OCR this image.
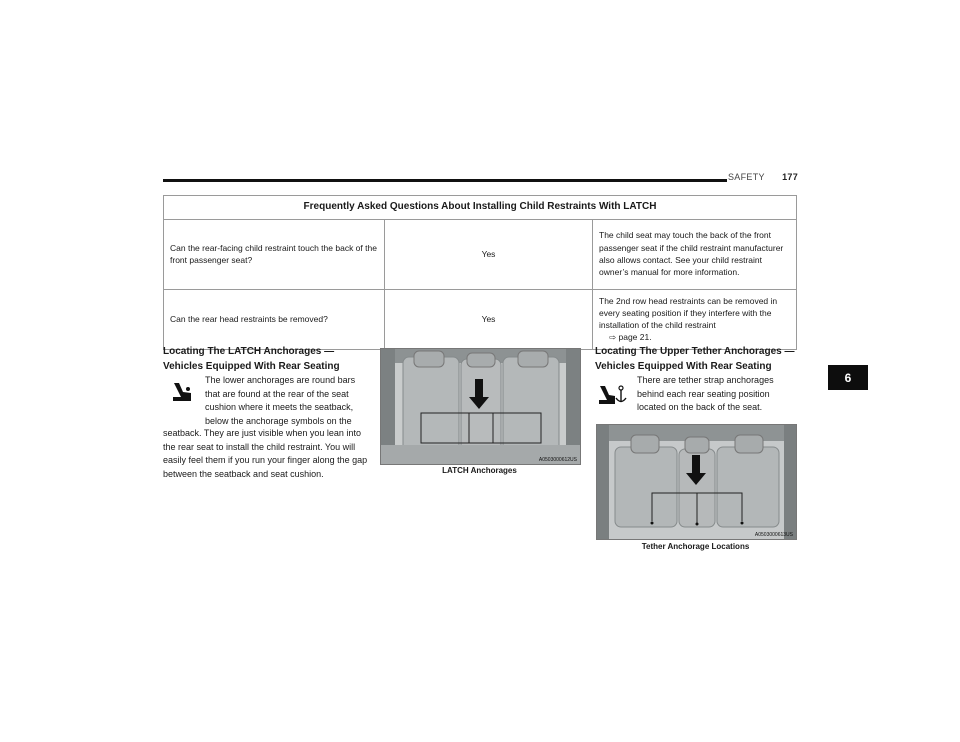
SAFETY 177
6
Frequently Asked Questions About Installing Child Restraints With LATCH		
Can the rear-facing child restraint touch the back of the front passenger seat?	Yes	The child seat may touch the back of the front passenger seat if the child restraint manufacturer also allows contact. See your child restraint owner’s manual for more information.
Can the rear head restraints be removed?	Yes	The 2nd row head restraints can be removed in every seating position if they interfere with the installation of the child restraint
⇨ page 21.
Locating The LATCH Anchorages — Vehicles Equipped With Rear Seating
The lower anchorages are round bars that are found at the rear of the seat cushion where it meets the seatback, below the anchorage symbols on the
seatback. They are just visible when you lean into the rear seat to install the child restraint. You will easily feel them if you run your finger along the gap between the seatback and seat cushion.
A0503000612US
LATCH Anchorages
Locating The Upper Tether Anchorages — Vehicles Equipped With Rear Seating
There are tether strap anchorages behind each rear seating position located on the back of the seat.
A0503000613US
Tether Anchorage Locations
